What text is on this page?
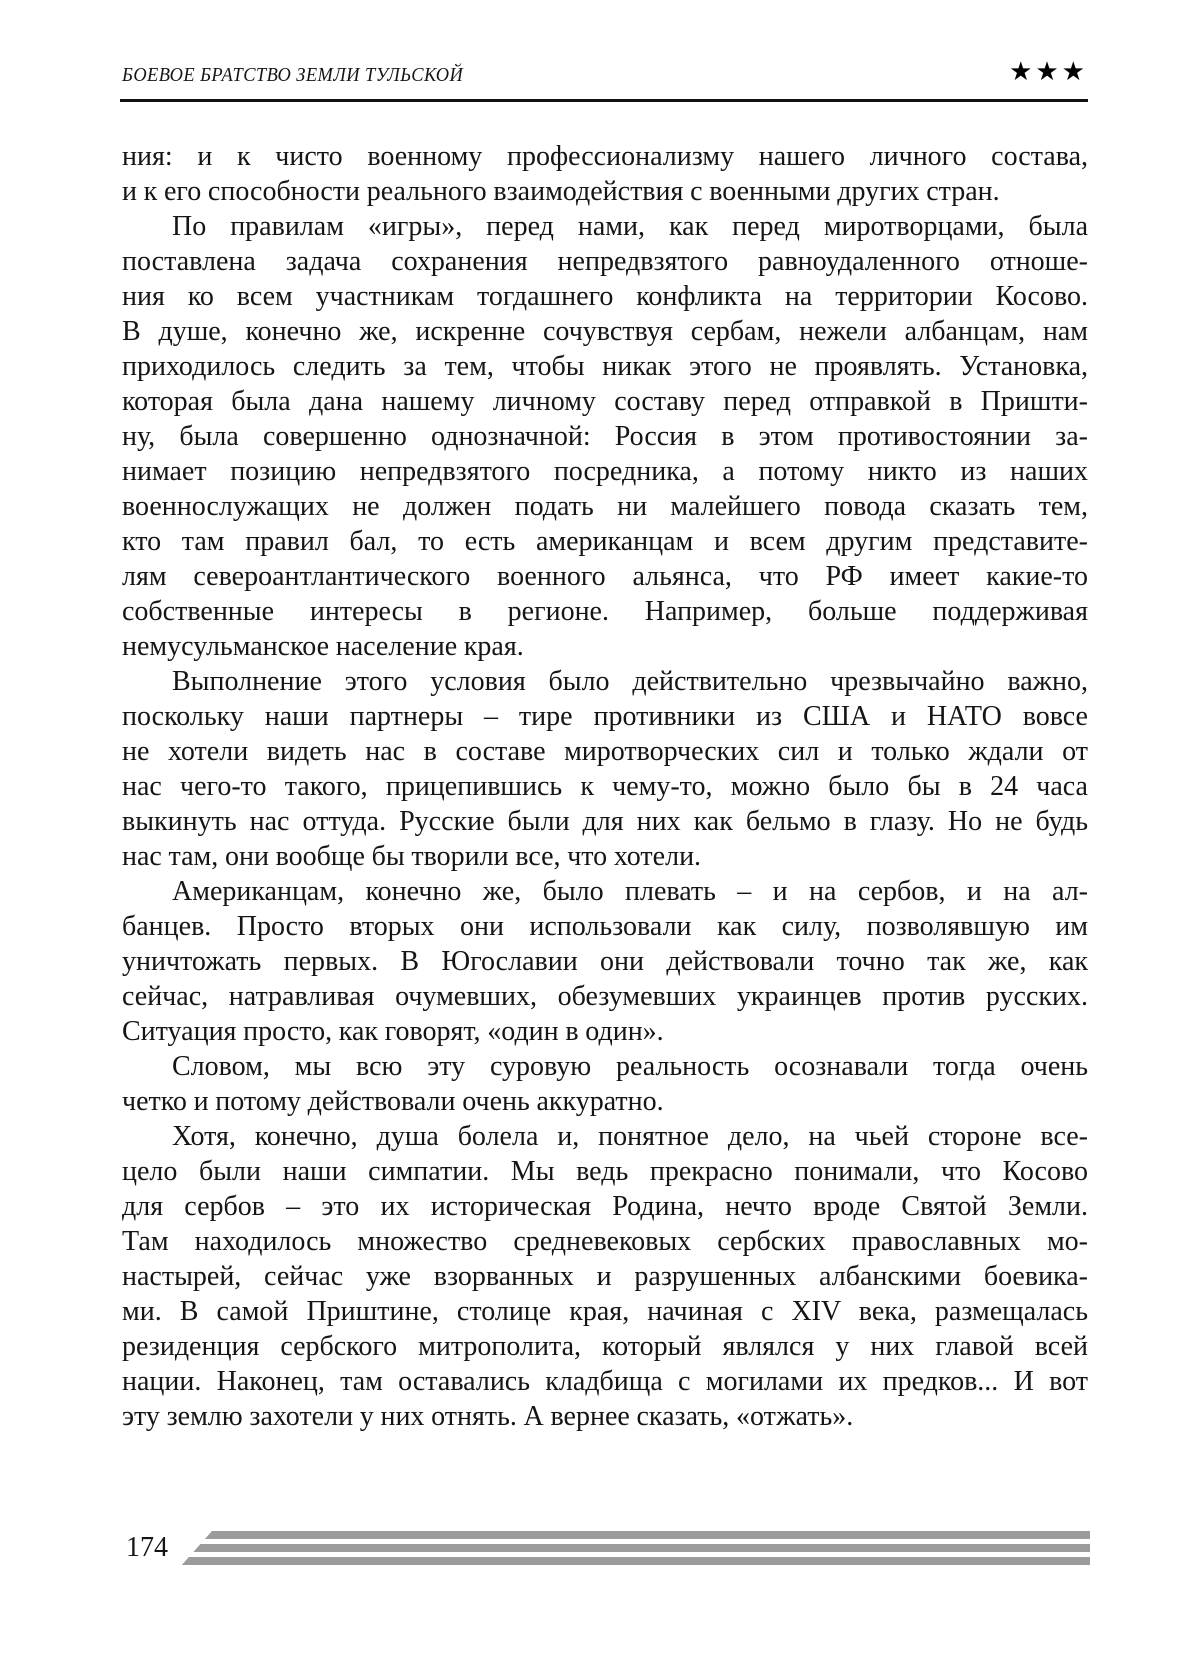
БОЕВОЕ БРАТСТВО ЗЕМЛИ ТУЛЬСКОЙ	★★★
ния: и к чисто военному профессионализму нашего личного состава,
и к его способности реального взаимодействия с военными других стран.
По правилам «игры», перед нами, как перед миротворцами, была
поставлена задача сохранения непредвзятого равноудаленного отноше-
ния ко всем участникам тогдашнего конфликта на территории Косово.
В душе, конечно же, искренне сочувствуя сербам, нежели албанцам, нам
приходилось следить за тем, чтобы никак этого не проявлять. Установка,
которая была дана нашему личному составу перед отправкой в Пришти-
ну, была совершенно однозначной: Россия в этом противостоянии за-
нимает позицию непредвзятого посредника, а потому никто из наших
военнослужащих не должен подать ни малейшего повода сказать тем,
кто там правил бал, то есть американцам и всем другим представите-
лям североантлантического военного альянса, что РФ имеет какие-то
собственные интересы в регионе. Например, больше поддерживая
немусульманское население края.
Выполнение этого условия было действительно чрезвычайно важно,
поскольку наши партнеры – тире противники из США и НАТО вовсе
не хотели видеть нас в составе миротворческих сил и только ждали от
нас чего-то такого, прицепившись к чему-то, можно было бы в 24 часа
выкинуть нас оттуда. Русские были для них как бельмо в глазу. Но не будь
нас там, они вообще бы творили все, что хотели.
Американцам, конечно же, было плевать – и на сербов, и на ал-
банцев. Просто вторых они использовали как силу, позволявшую им
уничтожать первых. В Югославии они действовали точно так же, как
сейчас, натравливая очумевших, обезумевших украинцев против русских.
Ситуация просто, как говорят, «один в один».
Словом, мы всю эту суровую реальность осознавали тогда очень
четко и потому действовали очень аккуратно.
Хотя, конечно, душа болела и, понятное дело, на чьей стороне все-
цело были наши симпатии. Мы ведь прекрасно понимали, что Косово
для сербов – это их историческая Родина, нечто вроде Святой Земли.
Там находилось множество средневековых сербских православных мо-
настырей, сейчас уже взорванных и разрушенных албанскими боевика-
ми. В самой Приштине, столице края, начиная с XIV века, размещалась
резиденция сербского митрополита, который являлся у них главой всей
нации. Наконец, там оставались кладбища с могилами их предков... И вот
эту землю захотели у них отнять. А вернее сказать, «отжать».
174
